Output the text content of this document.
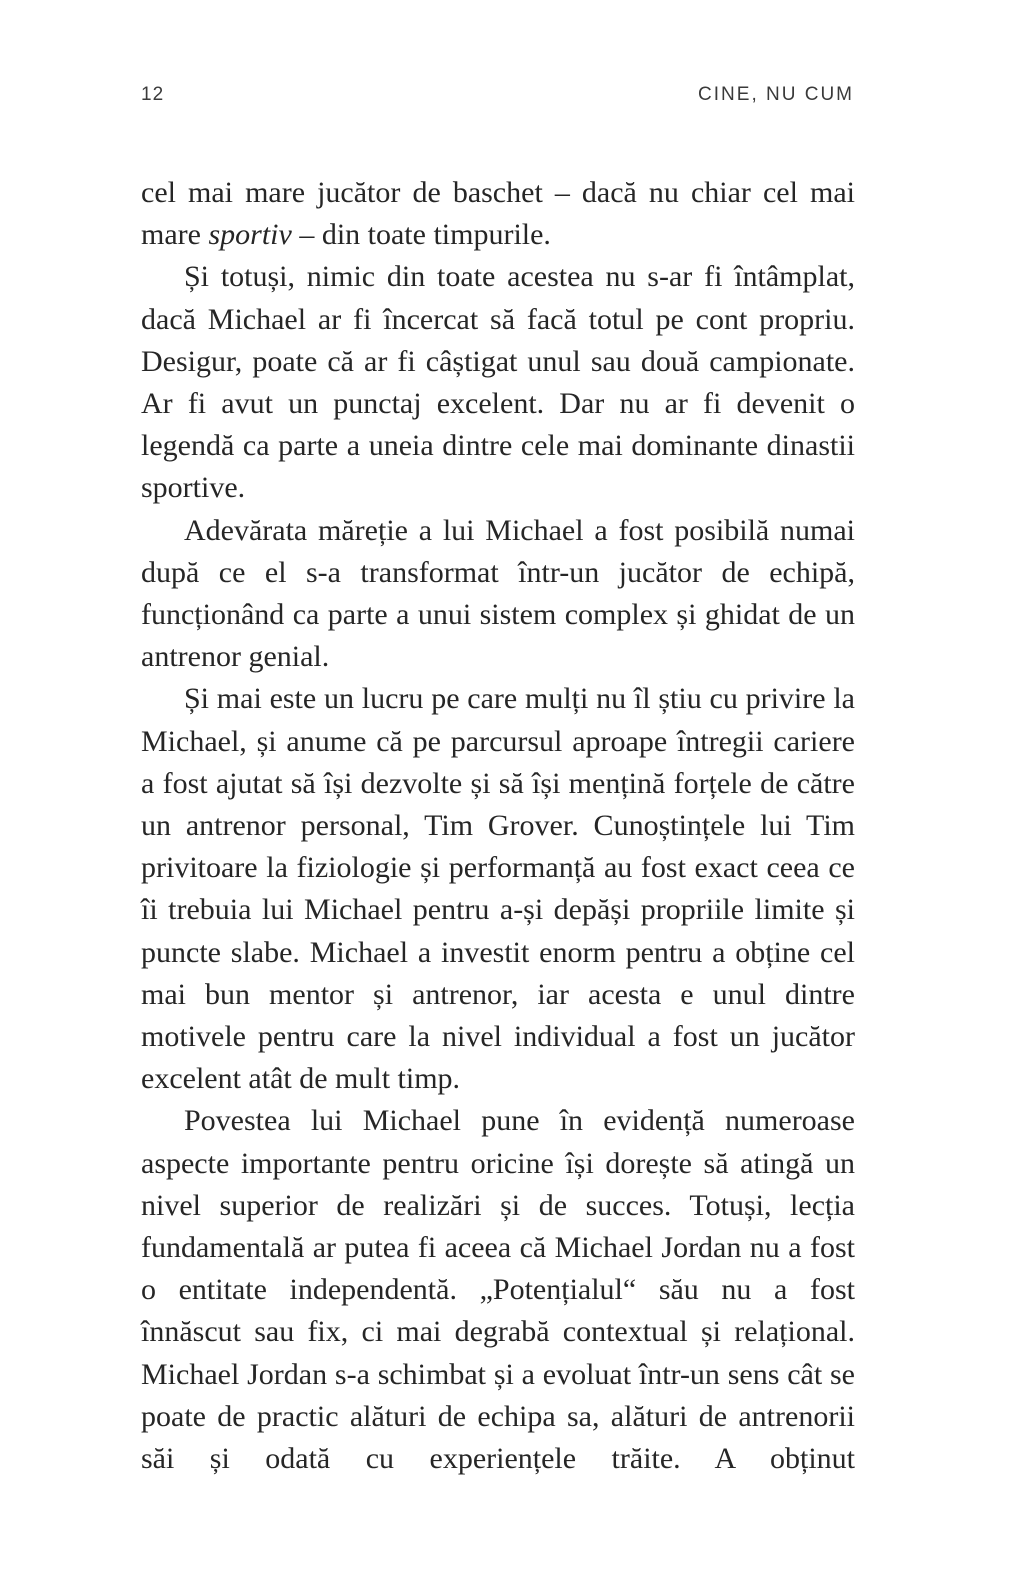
12	CINE, NU CUM

cel mai mare jucător de baschet – dacă nu chiar cel mai mare sportiv – din toate timpurile.

Și totuși, nimic din toate acestea nu s-ar fi întâmplat, dacă Michael ar fi încercat să facă totul pe cont propriu. Desigur, poate că ar fi câștigat unul sau două campionate. Ar fi avut un punctaj excelent. Dar nu ar fi devenit o legendă ca parte a uneia dintre cele mai dominante dinastii sportive.

Adevărata măreție a lui Michael a fost posibilă numai după ce el s-a transformat într-un jucător de echipă, funcționând ca parte a unui sistem complex și ghidat de un antrenor genial.

Și mai este un lucru pe care mulți nu îl știu cu privire la Michael, și anume că pe parcursul aproape întregii cariere a fost ajutat să își dezvolte și să își mențină forțele de către un antrenor personal, Tim Grover. Cunoștințele lui Tim privitoare la fiziologie și performanță au fost exact ceea ce îi trebuia lui Michael pentru a-și depăși propriile limite și puncte slabe. Michael a investit enorm pentru a obține cel mai bun mentor și antrenor, iar acesta e unul dintre motivele pentru care la nivel individual a fost un jucător excelent atât de mult timp.

Povestea lui Michael pune în evidență numeroase aspecte importante pentru oricine își dorește să atingă un nivel superior de realizări și de succes. Totuși, lecția fundamentală ar putea fi aceea că Michael Jordan nu a fost o entitate independentă. „Potențialul“ său nu a fost înnăscut sau fix, ci mai degrabă contextual și relațional. Michael Jordan s-a schimbat și a evoluat într-un sens cât se poate de practic alături de echipa sa, alături de antrenorii săi și odată cu experiențele trăite. A obținut
